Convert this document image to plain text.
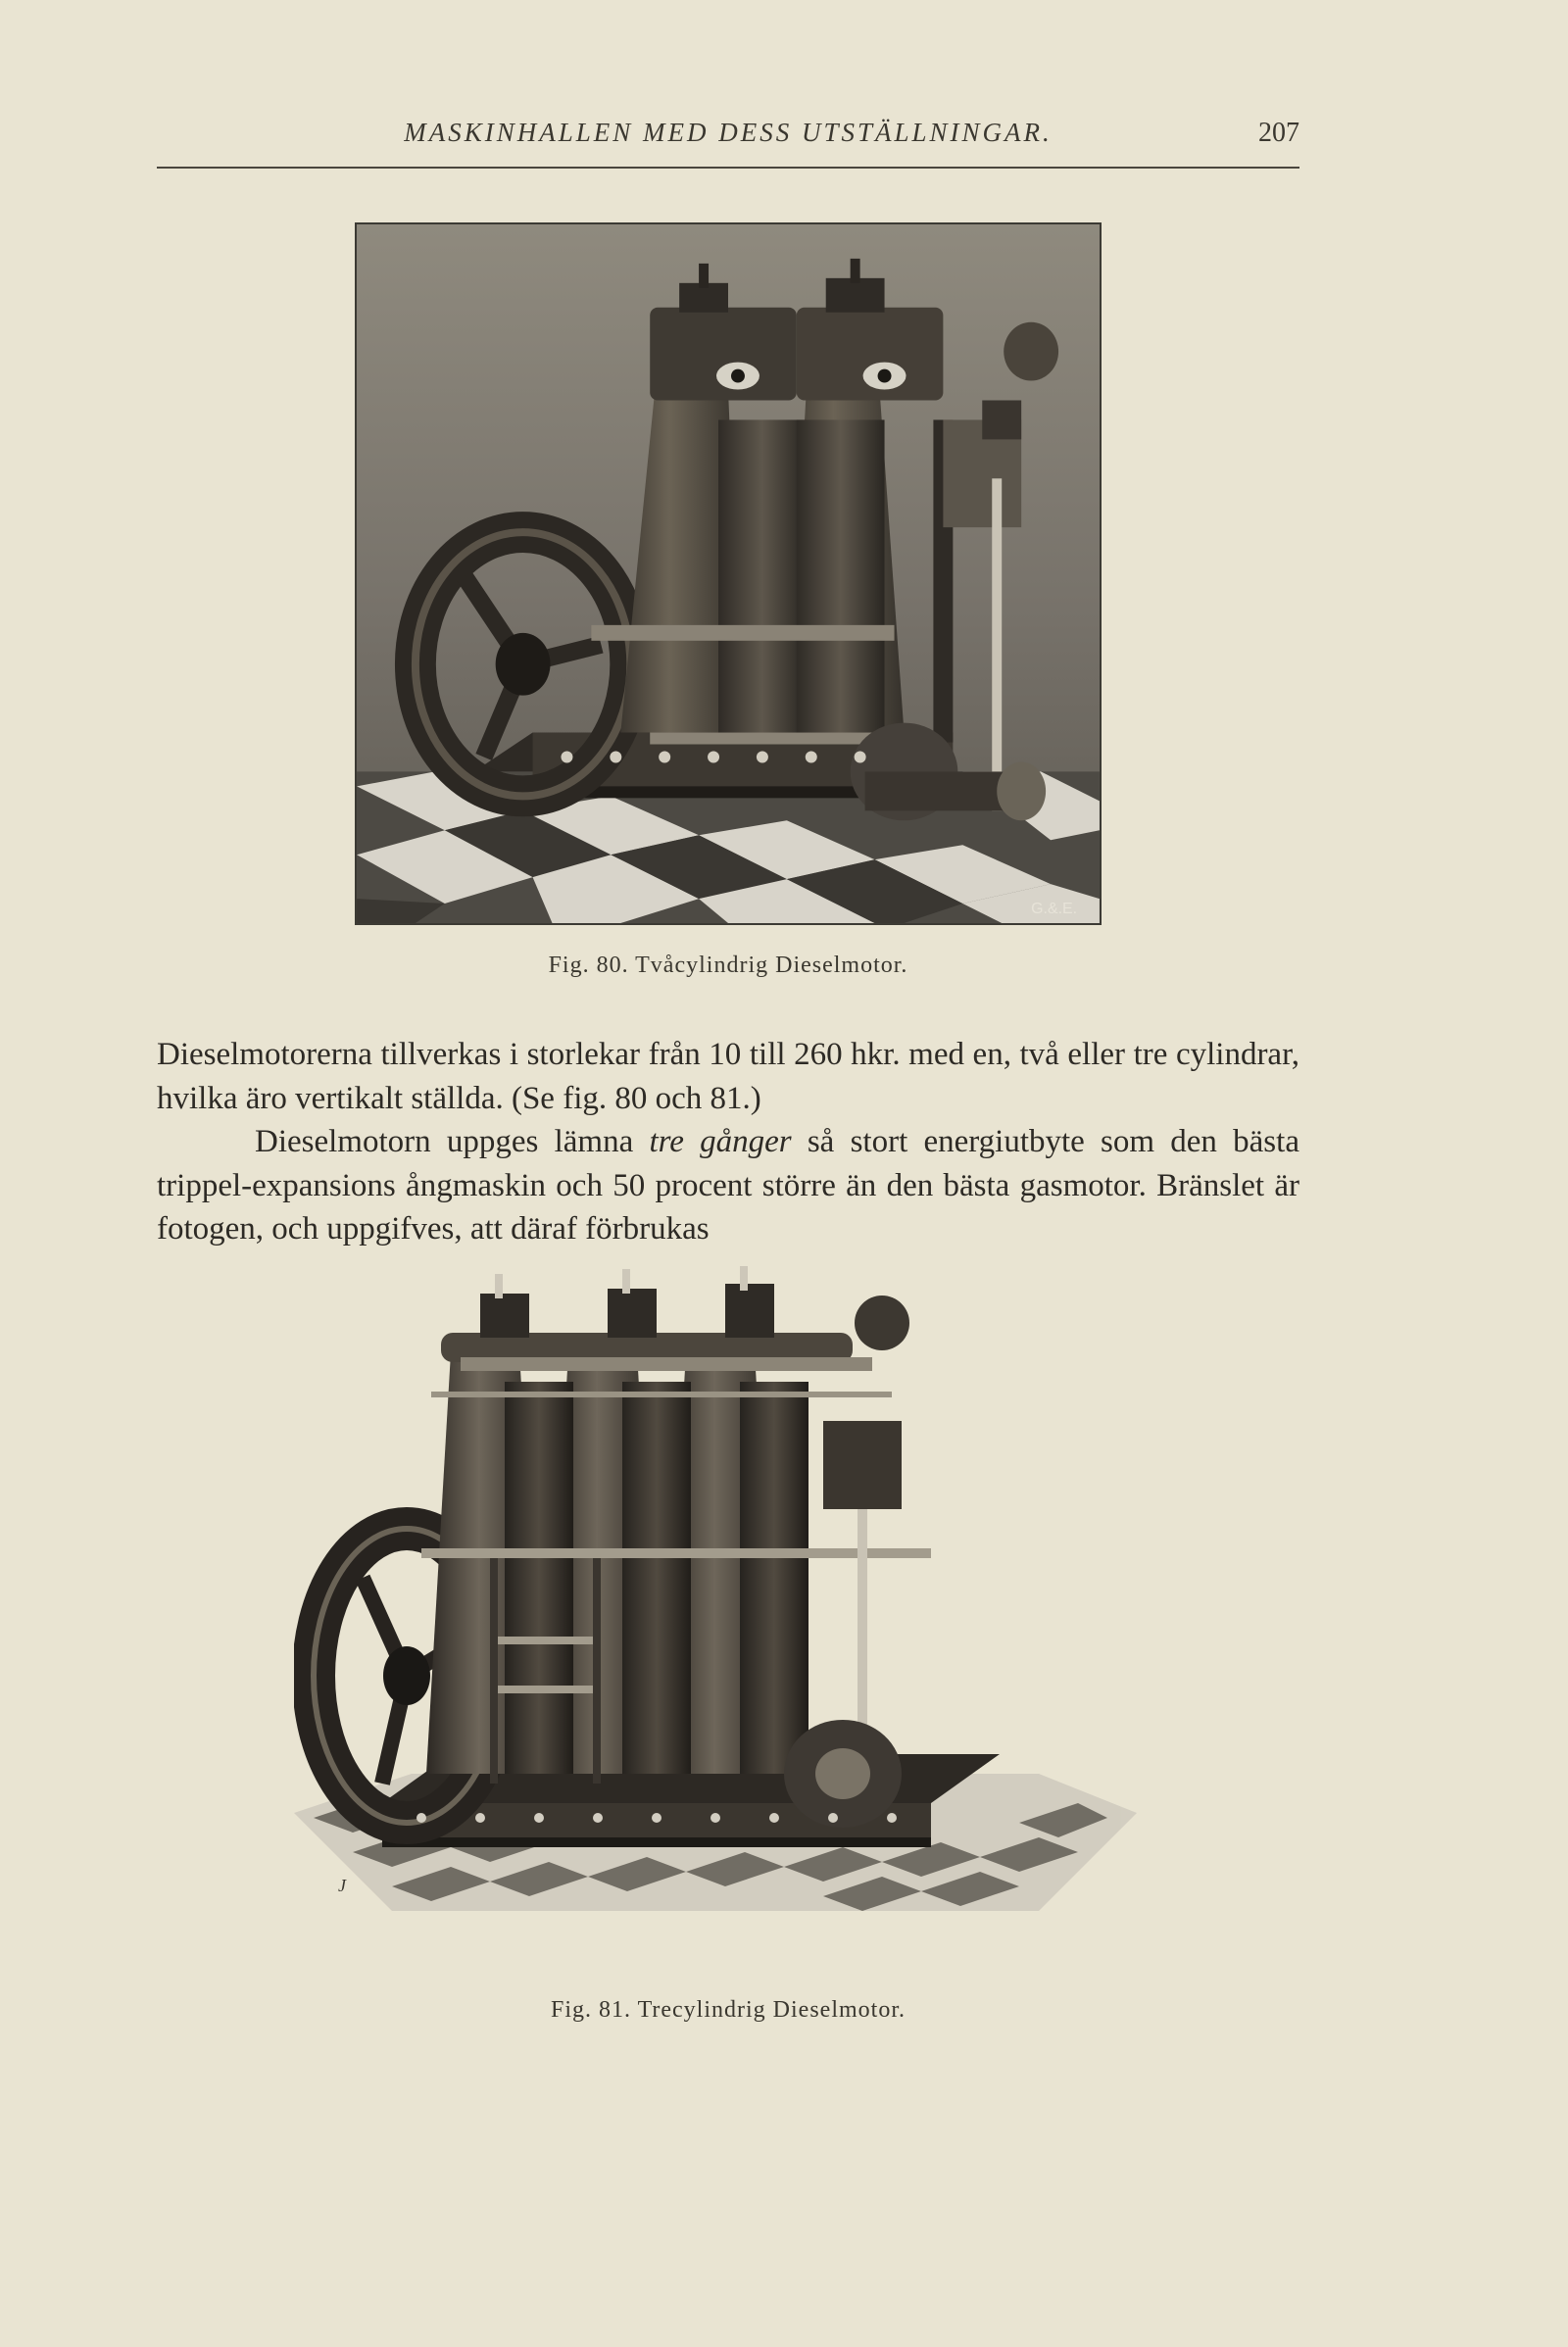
MASKINHALLEN MED DESS UTSTÄLLNINGAR.	207
G.&.E.
Fig. 80. Tvåcylindrig Dieselmotor.

Dieselmotorerna tillverkas i storlekar från 10 till 260 hkr. med en, två eller tre cylindrar, hvilka äro vertikalt ställda. (Se fig. 80 och 81.)

Dieselmotorn uppges lämna tre gånger så stort energiutbyte som den bästa trippel-expansions ångmaskin och 50 procent större än den bästa gasmotor. Bränslet är fotogen, och uppgifves, att däraf förbrukas

J
Fig. 81. Trecylindrig Dieselmotor.
